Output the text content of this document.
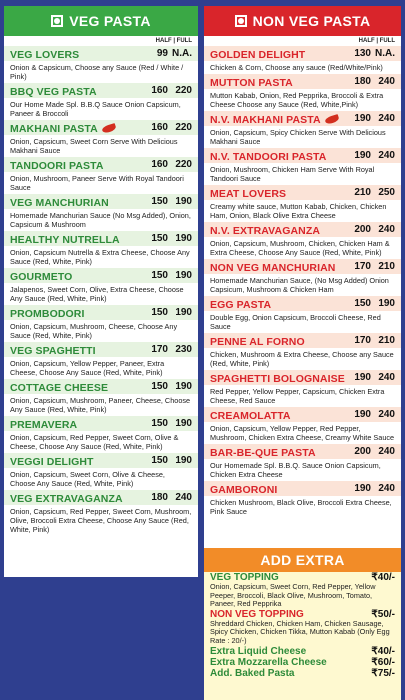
VEG PASTA
HALF | FULL
VEG LOVERS	99 N.A.
Onion & Capsicum, Choose any Sauce (Red / White / Pink)
BBQ VEG PASTA	160 220
Our Home Made Spl. B.B.Q Sauce Onion Capsicum, Paneer & Broccoli
MAKHANI PASTA	160 220
Onion, Capsicum, Sweet Corn Serve With Delicious Makhani Sauce
TANDOORI PASTA	160 220
Onion, Mushroom, Paneer Serve With Royal Tandoori Sauce
VEG MANCHURIAN	150 190
Homemade Manchurian Sauce (No Msg Added), Onion, Capsicum & Mushroom
HEALTHY NUTRELLA	150 190
Onion, Capsicum Nutrella & Extra Cheese, Choose Any Sauce (Red, White, Pink)
GOURMETO	150 190
Jalapenos, Sweet Corn, Olive, Extra Cheese, Choose Any Sauce (Red, White, Pink)
PROMBODORI	150 190
Onion, Capsicum, Mushroom, Cheese, Choose Any Sauce (Red, White, Pink)
VEG SPAGHETTI	170 230
Onion, Capsicum, Yellow Pepper, Paneer, Extra Cheese, Choose Any Sauce (Red, White, Pink)
COTTAGE CHEESE	150 190
Onion, Capsicum, Mushroom, Paneer, Cheese, Choose Any Sauce (Red, White, Pink)
PREMAVERA	150 190
Onion, Capsicum, Red Pepper, Sweet Corn, Olive & Cheese, Choose Any Sauce (Red, White, Pink)
VEGGI DELIGHT	150 190
Onion, Capsicum, Sweet Corn, Olive & Cheese, Choose Any Sauce (Red, White, Pink)
VEG EXTRAVAGANZA	180 240
Onion, Capsicum, Red Pepper, Sweet Corn, Mushroom, Olive, Broccoli Extra Cheese, Choose Any Sauce (Red, White, Pink)
NON VEG PASTA
HALF | FULL
GOLDEN DELIGHT	130 N.A.
Chicken & Corn, Choose any sauce (Red/White/Pink)
MUTTON PASTA	180 240
Mutton Kabab, Onion, Red Pepprika, Broccoli & Extra Cheese Choose any Sauce (Red, White,Pink)
N.V. MAKHANI PASTA	190 240
Onion, Capsicum, Spicy Chicken Serve With Delicious Makhani Sauce
N.V. TANDOORI PASTA	190 240
Onion, Mushroom, Chicken Ham Serve With Royal Tandoori Sauce
MEAT LOVERS	210 250
Creamy white sauce, Mutton Kabab, Chicken, Chicken Ham, Onion, Black Olive Extra Cheese
N.V. EXTRAVAGANZA	200 240
Onion, Capsicum, Mushroom, Chicken, Chicken Ham & Extra Cheese, Choose Any Sauce (Red, White, Pink)
NON VEG MANCHURIAN	170 210
Homemade Manchurian Sauce, (No Msg Added) Onion Capsicum, Mushroom & Chicken Ham
EGG PASTA	150 190
Double Egg, Onion Capsicum, Broccoli Cheese, Red Sauce
PENNE AL FORNO	170 210
Chicken, Mushroom & Extra Cheese, Choose any Sauce (Red, White, Pink)
SPAGHETTI BOLOGNAISE 190 240
Red Pepper, Yellow Pepper, Capsicum, Chicken Extra Cheese, Red Sauce
CREAMOLATTA	190 240
Onion, Capsicum, Yellow Pepper, Red Pepper, Mushroom, Chicken Extra Cheese, Creamy White Sauce
BAR-BE-QUE PASTA	200 240
Our Homemade Spl. B.B.Q. Sauce Onion Capsicum, Chicken Extra Cheese
GAMBORONI	190 240
Chicken Mushroom, Black Olive, Broccoli Extra Cheese, Pink Sauce
ADD EXTRA
VEG TOPPING	₹40/-
Onion, Capsicum, Sweet Corn, Red Pepper, Yellow Peeper, Broccoli, Black Olive, Mushroom, Tomato, Paneer, Red Pepprika
NON VEG TOPPING	₹50/-
Shreddard Chicken, Chicken Ham, Chicken Sausage, Spicy Chicken, Chicken Tikka, Mutton Kabab (Only Egg Rate : 20/-)
Extra Liquid Cheese	₹40/-
Extra Mozzarella Cheese	₹60/-
Add. Baked Pasta	₹75/-
